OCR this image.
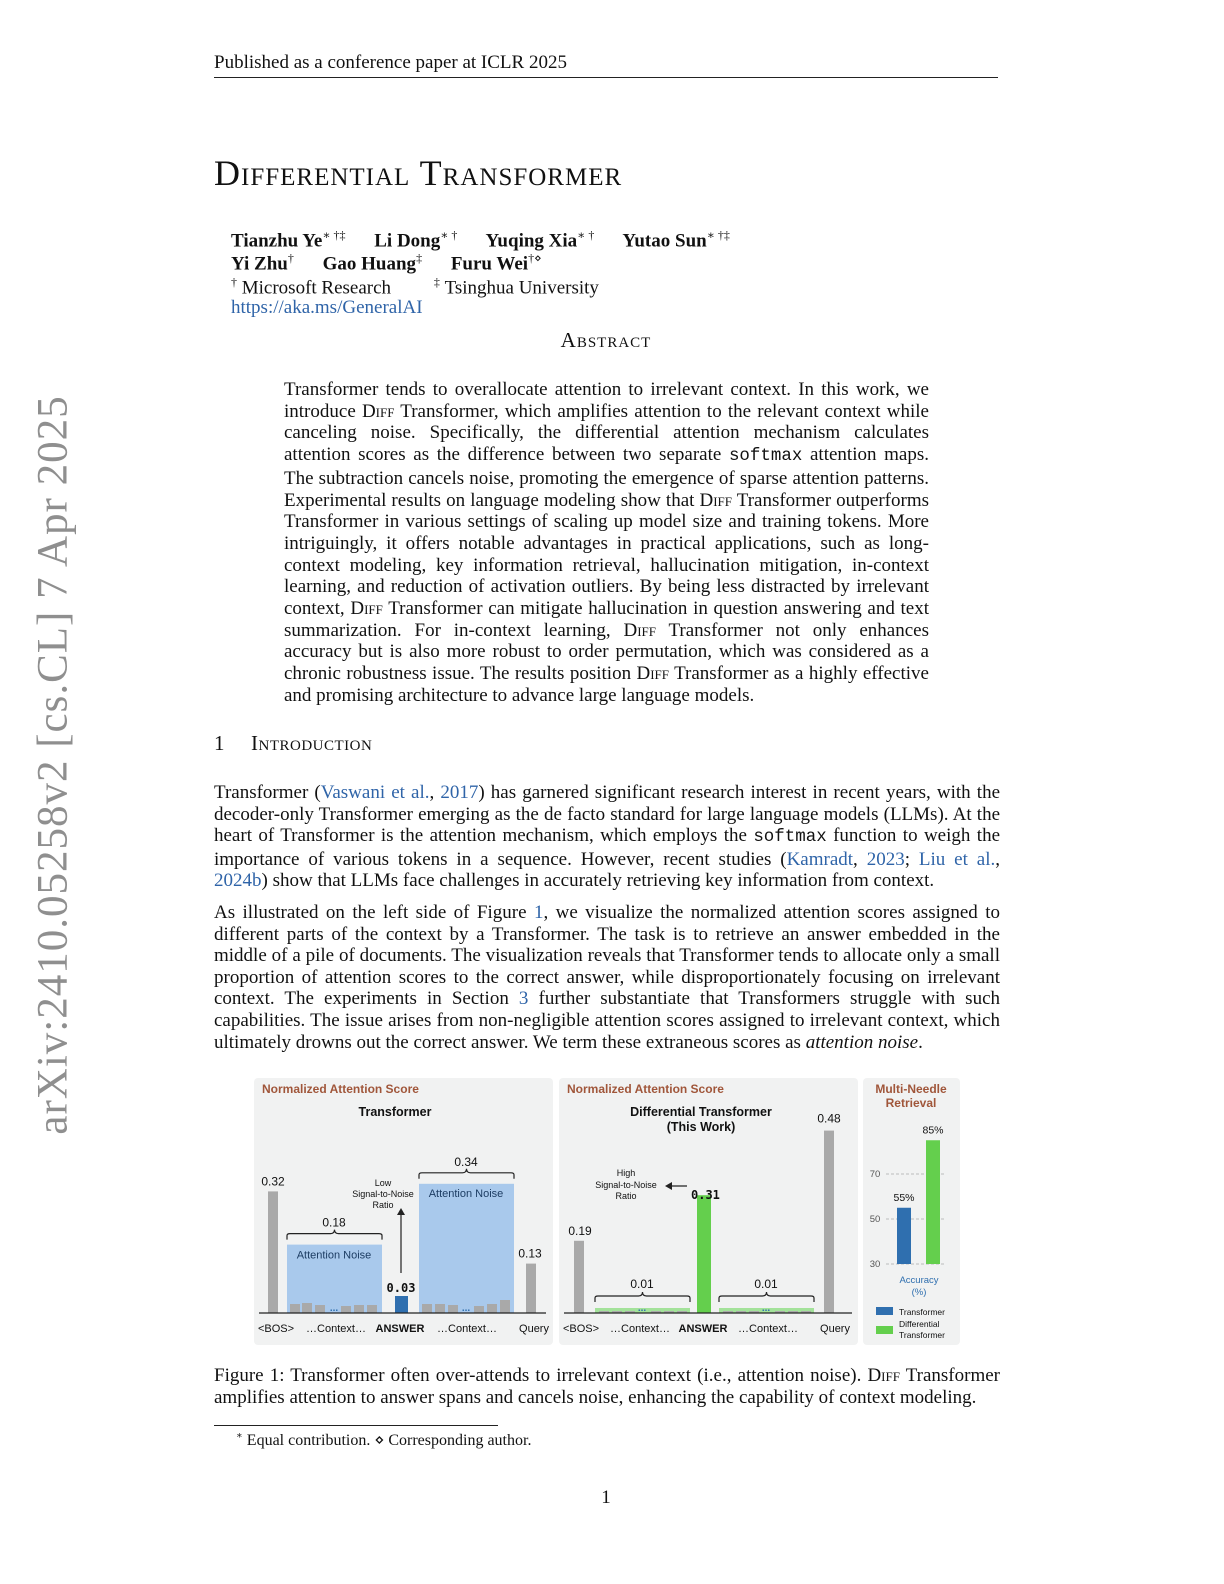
Published as a conference paper at ICLR 2025
arXiv:2410.05258v2 [cs.CL] 7 Apr 2025
Differential Transformer
Tianzhu Ye∗ †‡ Li Dong∗ † Yuqing Xia∗ † Yutao Sun∗ †‡
Yi Zhu† Gao Huang‡ Furu Wei†⋄
† Microsoft Research	‡ Tsinghua University
https://aka.ms/GeneralAI
Abstract
Transformer tends to overallocate attention to irrelevant context. In this work, we introduce Diff Transformer, which amplifies attention to the relevant context while canceling noise. Specifically, the differential attention mechanism calculates attention scores as the difference between two separate softmax attention maps. The subtraction cancels noise, promoting the emergence of sparse attention patterns. Experimental results on language modeling show that Diff Transformer outperforms Transformer in various settings of scaling up model size and training tokens. More intriguingly, it offers notable advantages in practical applications, such as long-context modeling, key information retrieval, hallucination mitigation, in-context learning, and reduction of activation outliers. By being less distracted by irrelevant context, Diff Transformer can mitigate hallucination in question answering and text summarization. For in-context learning, Diff Transformer not only enhances accuracy but is also more robust to order permutation, which was considered as a chronic robustness issue. The results position Diff Transformer as a highly effective and promising architecture to advance large language models.
1 Introduction
Transformer (Vaswani et al., 2017) has garnered significant research interest in recent years, with the decoder-only Transformer emerging as the de facto standard for large language models (LLMs). At the heart of Transformer is the attention mechanism, which employs the softmax function to weigh the importance of various tokens in a sequence. However, recent studies (Kamradt, 2023; Liu et al., 2024b) show that LLMs face challenges in accurately retrieving key information from context.
As illustrated on the left side of Figure 1, we visualize the normalized attention scores assigned to different parts of the context by a Transformer. The task is to retrieve an answer embedded in the middle of a pile of documents. The visualization reveals that Transformer tends to allocate only a small proportion of attention scores to the correct answer, while disproportionately focusing on irrelevant context. The experiments in Section 3 further substantiate that Transformers struggle with such capabilities. The issue arises from non-negligible attention scores assigned to irrelevant context, which ultimately drowns out the correct answer. We term these extraneous scores as attention noise.
Normalized Attention Score
Transformer
0.32
Attention Noise
0.18
...
0.03
Low
Signal-to-Noise
Ratio
Attention Noise
0.34
...
0.13
<BOS> …Context… ANSWER …Context… Query
Normalized Attention Score
Differential Transformer
(This Work)
0.19
...
0.01
0.31
High
Signal-to-Noise
Ratio
...
0.01
0.48
<BOS> …Context… ANSWER …Context… Query
Multi-Needle
Retrieval
30
50
70
55%
85%
Accuracy
(%)
Transformer
Differential
Transformer
Figure 1: Transformer often over-attends to irrelevant context (i.e., attention noise). Diff Transformer amplifies attention to answer spans and cancels noise, enhancing the capability of context modeling.
∗ Equal contribution. ⋄ Corresponding author.
1
